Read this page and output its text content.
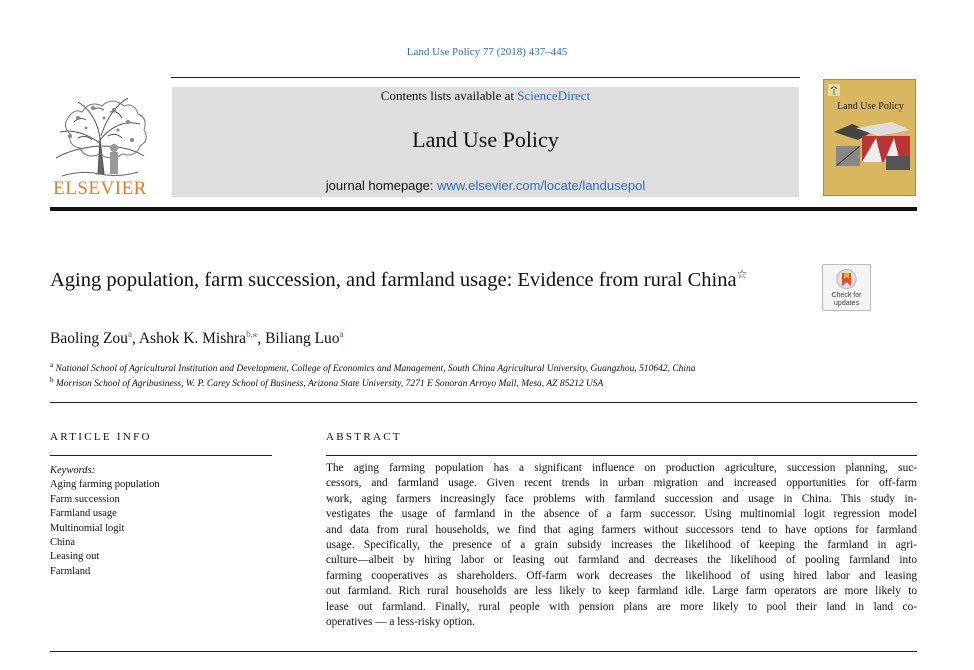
Land Use Policy 77 (2018) 437–445
ELSEVIER
Contents lists available at ScienceDirect
Land Use Policy
journal homepage: www.elsevier.com/locate/landusepol
Land Use Policy
Aging population, farm succession, and farmland usage: Evidence from rural China☆
Check for
updates
Baoling Zou$^a$, Ashok K. Mishra$^{b,⁎}$, Biliang Luo$^a$
$^a$ National School of Agricultural Institution and Development, College of Economics and Management, South China Agricultural University, Guangzhou, 510642, China
$^b$ Morrison School of Agribusiness, W. P. Carey School of Business, Arizona State University, 7271 E Sonoran Arroyo Mall, Mesa, AZ 85212 USA
ARTICLE INFO
Keywords:
Aging farming population
Farm succession
Farmland usage
Multinomial logit
China
Leasing out
Farmland
ABSTRACT
The aging farming population has a significant influence on production agriculture, succession planning, suc-
cessors, and farmland usage. Given recent trends in urban migration and increased opportunities for off-farm
work, aging farmers increasingly face problems with farmland succession and usage in China. This study in-
vestigates the usage of farmland in the absence of a farm successor. Using multinomial logit regression model
and data from rural households, we find that aging farmers without successors tend to have options for farmland
usage. Specifically, the presence of a grain subsidy increases the likelihood of keeping the farmland in agri-
culture—albeit by hiring labor or leasing out farmland and decreases the likelihood of pooling farmland into
farming cooperatives as shareholders. Off-farm work decreases the likelihood of using hired labor and leasing
out farmland. Rich rural households are less likely to keep farmland idle. Large farm operators are more likely to
lease out farmland. Finally, rural people with pension plans are more likely to pool their land in land co-
operatives — a less-risky option.
